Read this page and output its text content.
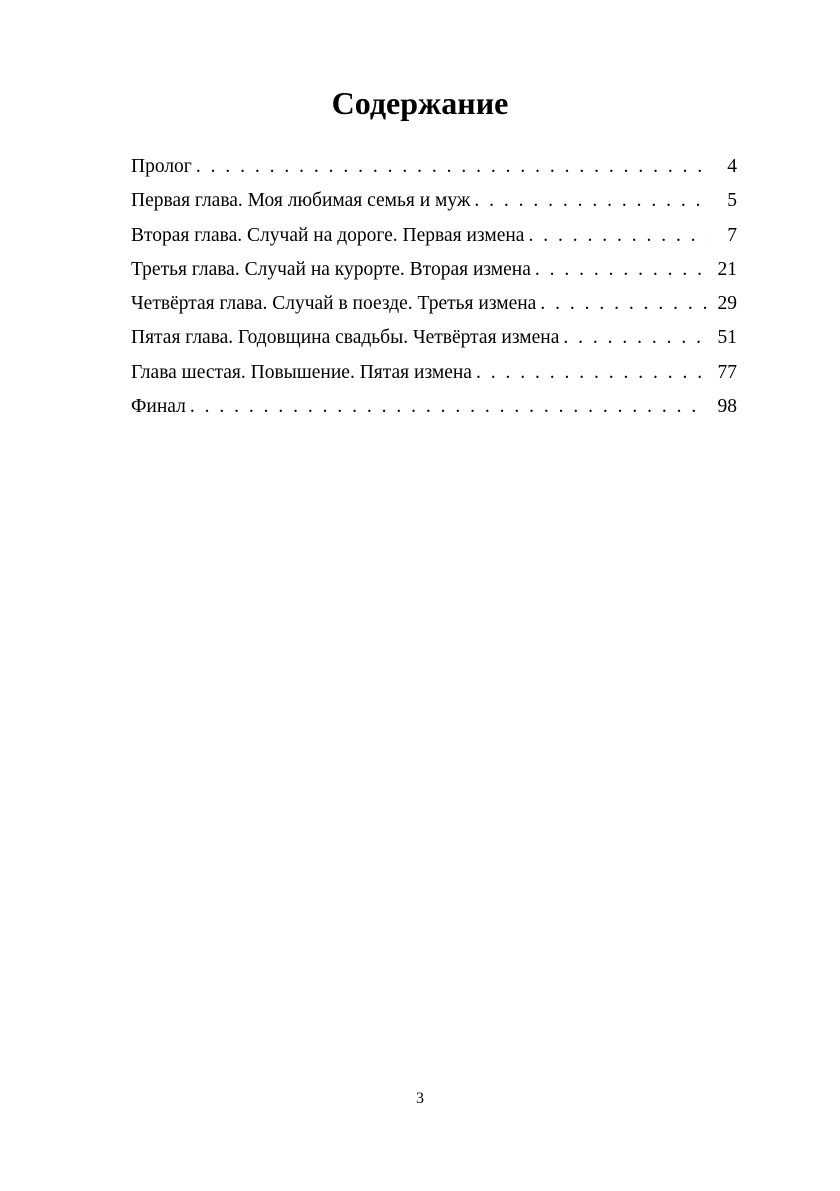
Содержание
Пролог . . .	4
Первая глава. Моя любимая семья и муж . . .	5
Вторая глава. Случай на дороге. Первая измена . . .	7
Третья глава. Случай на курорте. Вторая измена . . .	21
Четвёртая глава. Случай в поезде. Третья измена . . .	29
Пятая глава. Годовщина свадьбы. Четвёртая измена . . .	51
Глава шестая. Повышение. Пятая измена . . .	77
Финал . . .	98
3
